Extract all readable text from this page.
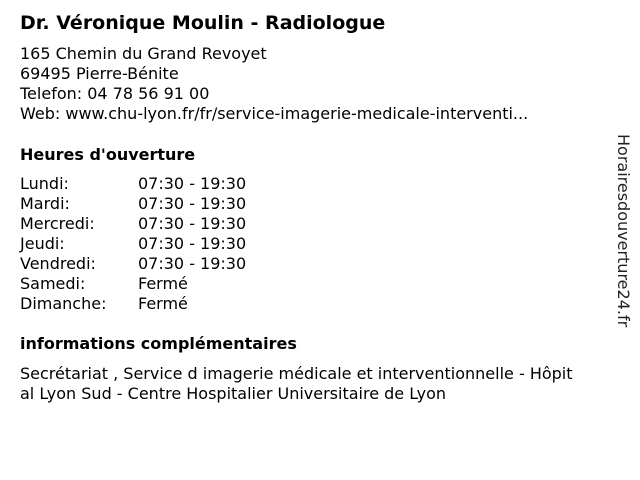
Dr. Véronique Moulin - Radiologue
165 Chemin du Grand Revoyet
69495 Pierre-Bénite
Telefon: 04 78 56 91 00
Web: www.chu-lyon.fr/fr/service-imagerie-medicale-interventi...
Heures d'ouverture
Lundi:	07:30 - 19:30
Mardi:	07:30 - 19:30
Mercredi:	07:30 - 19:30
Jeudi:	07:30 - 19:30
Vendredi:	07:30 - 19:30
Samedi:	Fermé
Dimanche:	Fermé
informations complémentaires
Secrétariat , Service d imagerie médicale et interventionnelle - Hôpital Lyon Sud - Centre Hospitalier Universitaire de Lyon
Horairesdouverture24.fr
